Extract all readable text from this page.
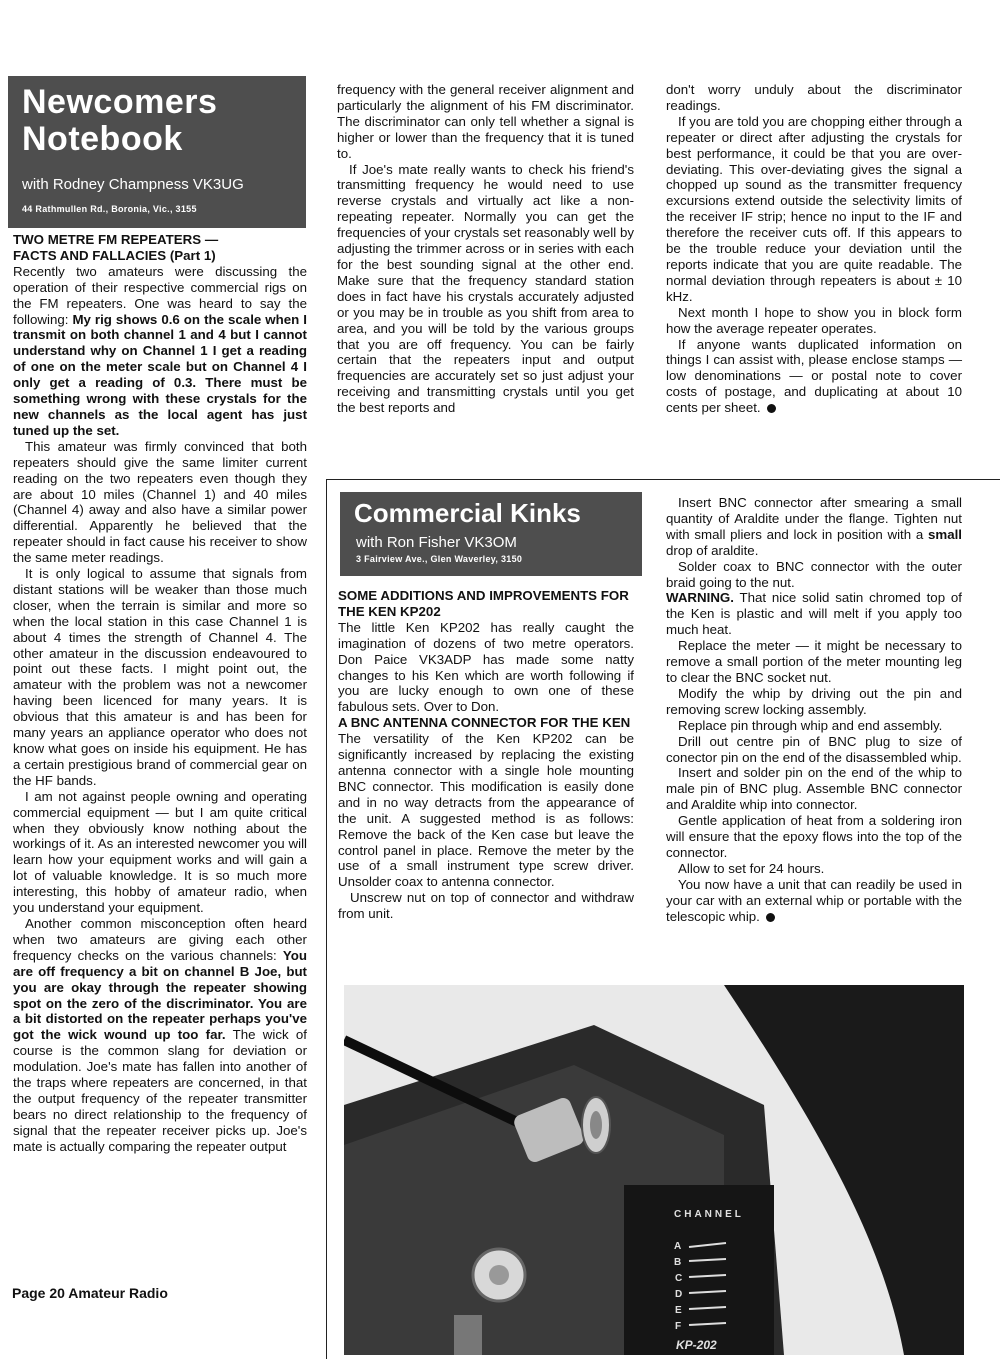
Newcomers
Notebook
with Rodney Champness VK3UG
44 Rathmullen Rd., Boronia, Vic., 3155

TWO METRE FM REPEATERS —

FACTS AND FALLACIES (Part 1)

Recently two amateurs were discussing the operation of their respective commercial rigs on the FM repeaters. One was heard to say the following: My rig shows 0.6 on the scale when I transmit on both channel 1 and 4 but I cannot understand why on Channel 1 I get a reading of one on the meter scale but on Channel 4 I only get a reading of 0.3. There must be something wrong with these crystals for the new channels as the local agent has just tuned up the set.

This amateur was firmly convinced that both repeaters should give the same limiter current reading on the two repeaters even though they are about 10 miles (Channel 1) and 40 miles (Channel 4) away and also have a similar power differential. Apparently he believed that the repeater should in fact cause his receiver to show the same meter readings.

It is only logical to assume that signals from distant stations will be weaker than those much closer, when the terrain is similar and more so when the local station in this case Channel 1 is about 4 times the strength of Channel 4. The other amateur in the discussion endeavoured to point out these facts. I might point out, the amateur with the problem was not a newcomer having been licenced for many years. It is obvious that this amateur is and has been for many years an appliance operator who does not know what goes on inside his equipment. He has a certain prestigious brand of commercial gear on the HF bands.

I am not against people owning and operating commercial equipment — but I am quite critical when they obviously know nothing about the workings of it. As an interested newcomer you will learn how your equipment works and will gain a lot of valuable knowledge. It is so much more interesting, this hobby of amateur radio, when you understand your equipment.

Another common misconception often heard when two amateurs are giving each other frequency checks on the various channels: You are off frequency a bit on channel B Joe, but you are okay through the repeater showing spot on the zero of the discriminator. You are a bit distorted on the repeater perhaps you've got the wick wound up too far. The wick of course is the common slang for deviation or modulation. Joe's mate has fallen into another of the traps where repeaters are concerned, in that the output frequency of the repeater transmitter bears no direct relationship to the frequency of signal that the repeater receiver picks up. Joe's mate is actually comparing the repeater output

frequency with the general receiver alignment and particularly the alignment of his FM discriminator. The discriminator can only tell whether a signal is higher or lower than the frequency that it is tuned to.

If Joe's mate really wants to check his friend's transmitting frequency he would need to use reverse crystals and virtually act like a non-repeating repeater. Normally you can get the frequencies of your crystals set reasonably well by adjusting the trimmer across or in series with each for the best sounding signal at the other end. Make sure that the frequency standard station does in fact have his crystals accurately adjusted or you may be in trouble as you shift from area to area, and you will be told by the various groups that you are off frequency. You can be fairly certain that the repeaters input and output frequencies are accurately set so just adjust your receiving and transmitting crystals until you get the best reports and

don't worry unduly about the discriminator readings.

If you are told you are chopping either through a repeater or direct after adjusting the crystals for best performance, it could be that you are over-deviating. This over-deviating gives the signal a chopped up sound as the transmitter frequency excursions extend outside the selectivity limits of the receiver IF strip; hence no input to the IF and therefore the receiver cuts off. If this appears to be the trouble reduce your deviation until the reports indicate that you are quite readable. The normal deviation through repeaters is about ± 10 kHz.

Next month I hope to show you in block form how the average repeater operates.

If anyone wants duplicated information on things I can assist with, please enclose stamps — low denominations — or postal note to cover costs of postage, and duplicating at about 10 cents per sheet.

Commercial Kinks
with Ron Fisher VK3OM
3 Fairview Ave., Glen Waverley, 3150

SOME ADDITIONS AND IMPROVEMENTS FOR THE KEN KP202

The little Ken KP202 has really caught the imagination of dozens of two metre operators. Don Paice VK3ADP has made some natty changes to his Ken which are worth following if you are lucky enough to own one of these fabulous sets. Over to Don.

A BNC ANTENNA CONNECTOR FOR THE KEN

The versatility of the Ken KP202 can be significantly increased by replacing the existing antenna connector with a single hole mounting BNC connector. This modification is easily done and in no way detracts from the appearance of the unit. A suggested method is as follows: Remove the back of the Ken case but leave the control panel in place. Remove the meter by the use of a small instrument type screw driver. Unsolder coax to antenna connector.

Unscrew nut on top of connector and withdraw from unit.

Insert BNC connector after smearing a small quantity of Araldite under the flange. Tighten nut with small pliers and lock in position with a small drop of araldite.

Solder coax to BNC connector with the outer braid going to the nut.

WARNING. That nice solid satin chromed top of the Ken is plastic and will melt if you apply too much heat.

Replace the meter — it might be necessary to remove a small portion of the meter mounting leg to clear the BNC socket nut.

Modify the whip by driving out the pin and removing screw locking assembly.

Replace pin through whip and end assembly.

Drill out centre pin of BNC plug to size of conector pin on the end of the disassembled whip.

Insert and solder pin on the end of the whip to male pin of BNC plug. Assemble BNC connector and Araldite whip into connector.

Gentle application of heat from a soldering iron will ensure that the epoxy flows into the top of the connector.

Allow to set for 24 hours.

You now have a unit that can readily be used in your car with an external whip or portable with the telescopic whip.

CHANNEL
A
B
C
D
E
F
KP-202
Page 20 Amateur Radio
